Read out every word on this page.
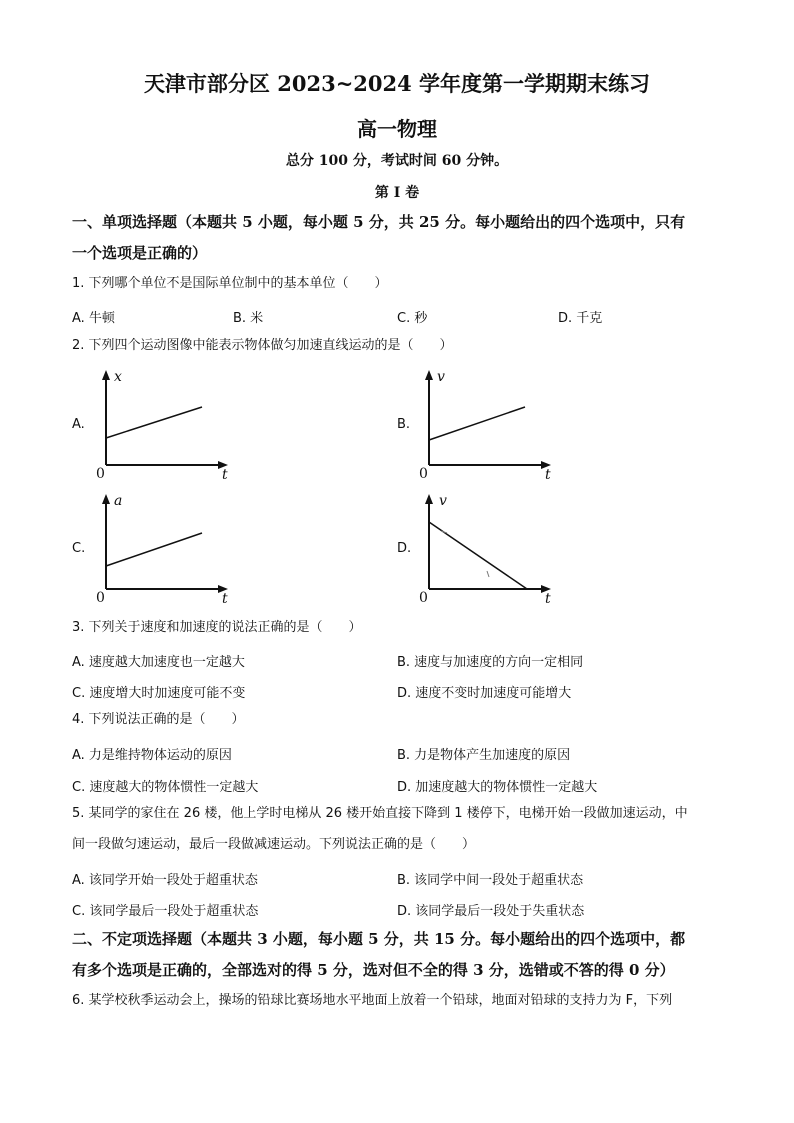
天津市部分区 2023~2024 学年度第一学期期末练习
高一物理
总分 100 分，考试时间 60 分钟。
第 I 卷
一、单项选择题（本题共 5 小题，每小题 5 分，共 25 分。每小题给出的四个选项中，只有
一个选项是正确的）
1. 下列哪个单位不是国际单位制中的基本单位（　　）
A. 牛顿	B. 米	C. 秒	D. 千克
2. 下列四个运动图像中能表示物体做匀加速直线运动的是（　　）
A.
x
t
0
B.
v
t
0
C.
a
t
0
D.
v
t
0
3. 下列关于速度和加速度的说法正确的是（　　）
A. 速度越大加速度也一定越大	B. 速度与加速度的方向一定相同
C. 速度增大时加速度可能不变	D. 速度不变时加速度可能增大
4. 下列说法正确的是（　　）
A. 力是维持物体运动的原因	B. 力是物体产生加速度的原因
C. 速度越大的物体惯性一定越大	D. 加速度越大的物体惯性一定越大
5. 某同学的家住在 26 楼，他上学时电梯从 26 楼开始直接下降到 1 楼停下，电梯开始一段做加速运动，中
间一段做匀速运动，最后一段做减速运动。下列说法正确的是（　　）
A. 该同学开始一段处于超重状态	B. 该同学中间一段处于超重状态
C. 该同学最后一段处于超重状态	D. 该同学最后一段处于失重状态
二、不定项选择题（本题共 3 小题，每小题 5 分，共 15 分。每小题给出的四个选项中，都
有多个选项是正确的，全部选对的得 5 分，选对但不全的得 3 分，选错或不答的得 0 分）
6. 某学校秋季运动会上，操场的铅球比赛场地水平地面上放着一个铅球，地面对铅球的支持力为 F，下列
